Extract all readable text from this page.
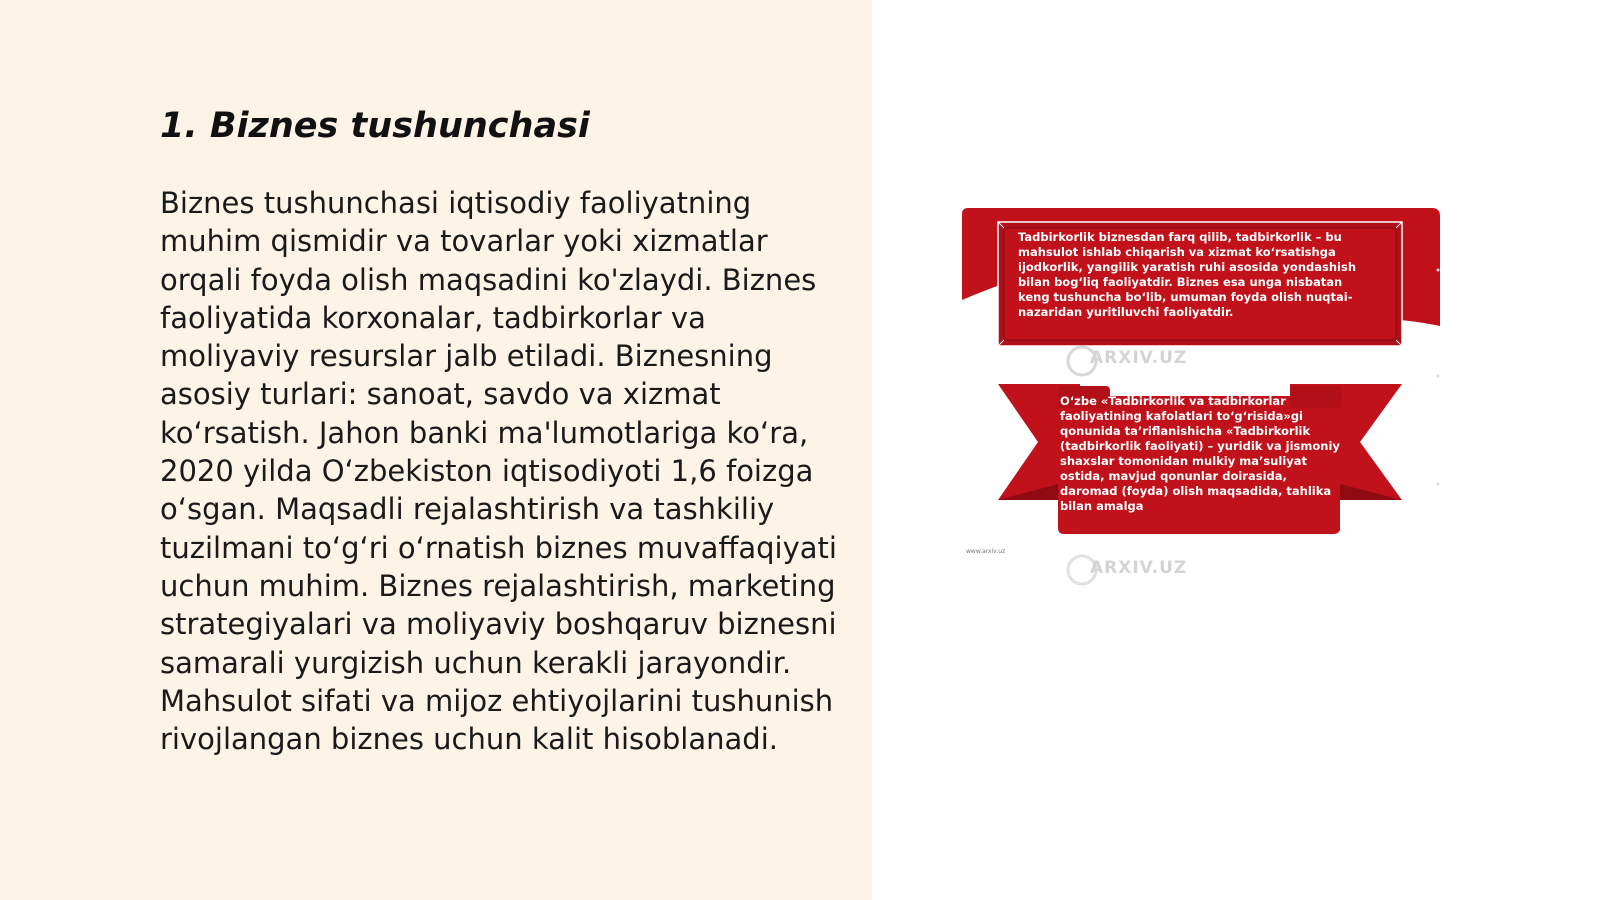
1. Biznes tushunchasi

Biznes tushunchasi iqtisodiy faoliyatning muhim qismidir va tovarlar yoki xizmatlar orqali foyda olish maqsadini ko'zlaydi. Biznes faoliyatida korxonalar, tadbirkorlar va moliyaviy resurslar jalb etiladi. Biznesning asosiy turlari: sanoat, savdo va xizmat ko‘rsatish. Jahon banki ma'lumotlariga ko‘ra, 2020 yilda O‘zbekiston iqtisodiyoti 1,6 foizga o‘sgan. Maqsadli rejalashtirish va tashkiliy tuzilmani to‘g‘ri o‘rnatish biznes muvaffaqiyati uchun muhim. Biznes rejalashtirish, marketing strategiyalari va moliyaviy boshqaruv biznesni samarali yurgizish uchun kerakli jarayondir. Mahsulot sifati va mijoz ehtiyojlarini tushunish rivojlangan biznes uchun kalit hisoblanadi.

Tadbirkorlik biznesdan farq qilib, tadbirkorlik – bu mahsulot ishlab chiqarish va xizmat ko‘rsatishga ijodkorlik, yangilik yaratish ruhi asosida yondashish bilan bog‘liq faoliyatdir. Biznes esa unga nisbatan keng tushuncha bo‘lib, umuman foyda olish nuqtai-nazaridan yuritiluvchi faoliyatdir.

O‘zbe «Tadbirkorlik va tadbirkorlar faoliyatining kafolatlari to‘g‘risida»gi qonunida ta’riflanishicha «Tadbirkorlik (tadbirkorlik faoliyati) – yuridik va jismoniy shaxslar tomonidan mulkiy ma’suliyat ostida, mavjud qonunlar doirasida, daromad (foyda) olish maqsadida, tahlika bilan amalga

ARXIV.UZ
ARXIV.UZ
www.arxiv.uz
